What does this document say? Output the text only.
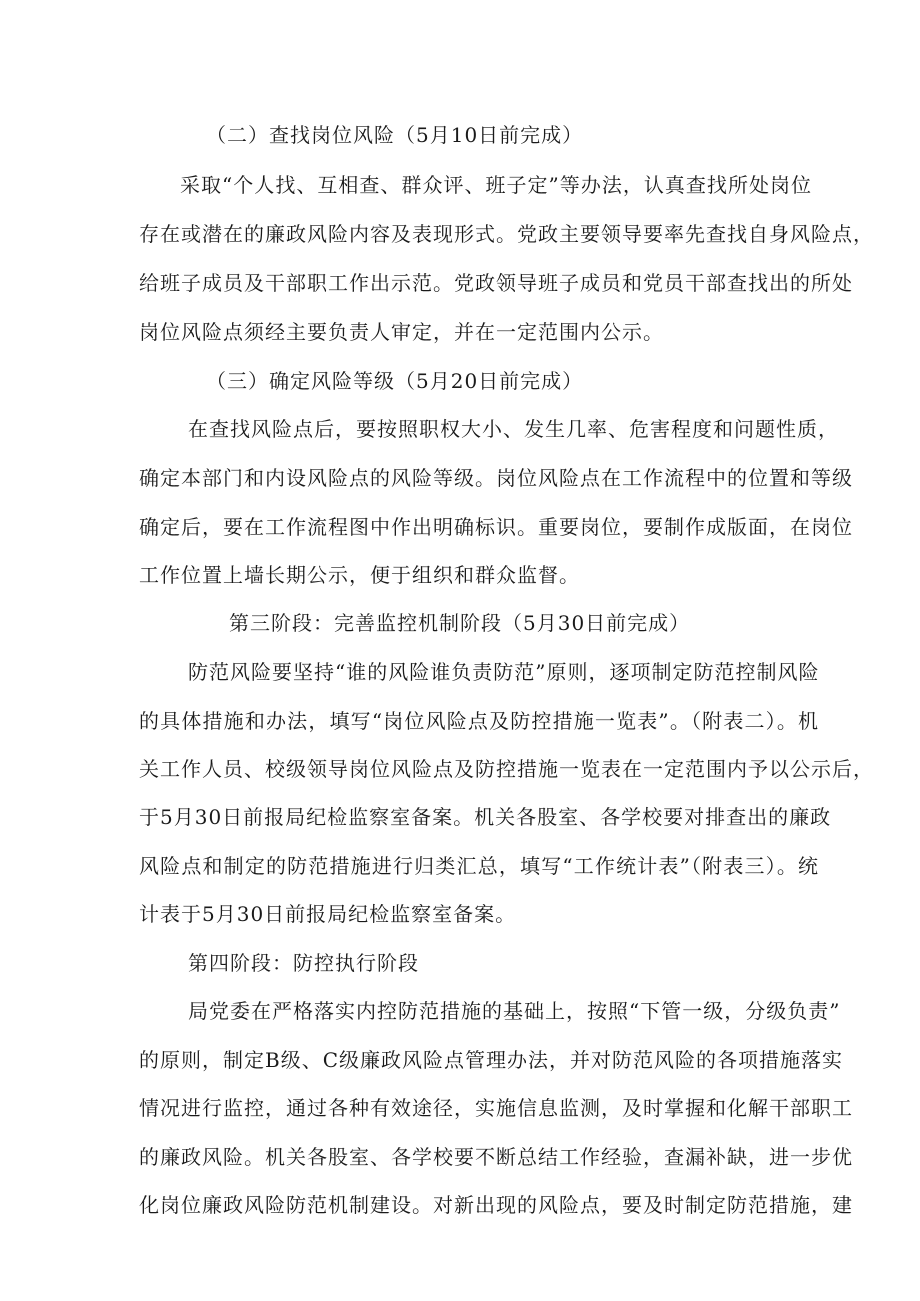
（二）查找岗位风险（5月10日前完成）
采取“个人找、互相查、群众评、班子定”等办法，认真查找所处岗位
存在或潜在的廉政风险内容及表现形式。党政主要领导要率先查找自身风险点，
给班子成员及干部职工作出示范。党政领导班子成员和党员干部查找出的所处
岗位风险点须经主要负责人审定，并在一定范围内公示。
（三）确定风险等级（5月20日前完成）
在查找风险点后，要按照职权大小、发生几率、危害程度和问题性质，
确定本部门和内设风险点的风险等级。岗位风险点在工作流程中的位置和等级
确定后，要在工作流程图中作出明确标识。重要岗位，要制作成版面，在岗位
工作位置上墙长期公示，便于组织和群众监督。
第三阶段：完善监控机制阶段（5月30日前完成）
防范风险要坚持“谁的风险谁负责防范”原则，逐项制定防范控制风险
的具体措施和办法，填写“岗位风险点及防控措施一览表”。（附表二）。机
关工作人员、校级领导岗位风险点及防控措施一览表在一定范围内予以公示后，
于5月30日前报局纪检监察室备案。机关各股室、各学校要对排查出的廉政
风险点和制定的防范措施进行归类汇总，填写“工作统计表”（附表三）。统
计表于5月30日前报局纪检监察室备案。
第四阶段：防控执行阶段
局党委在严格落实内控防范措施的基础上，按照“下管一级，分级负责”
的原则，制定B级、C级廉政风险点管理办法，并对防范风险的各项措施落实
情况进行监控，通过各种有效途径，实施信息监测，及时掌握和化解干部职工
的廉政风险。机关各股室、各学校要不断总结工作经验，查漏补缺，进一步优
化岗位廉政风险防范机制建设。对新出现的风险点，要及时制定防范措施，建
